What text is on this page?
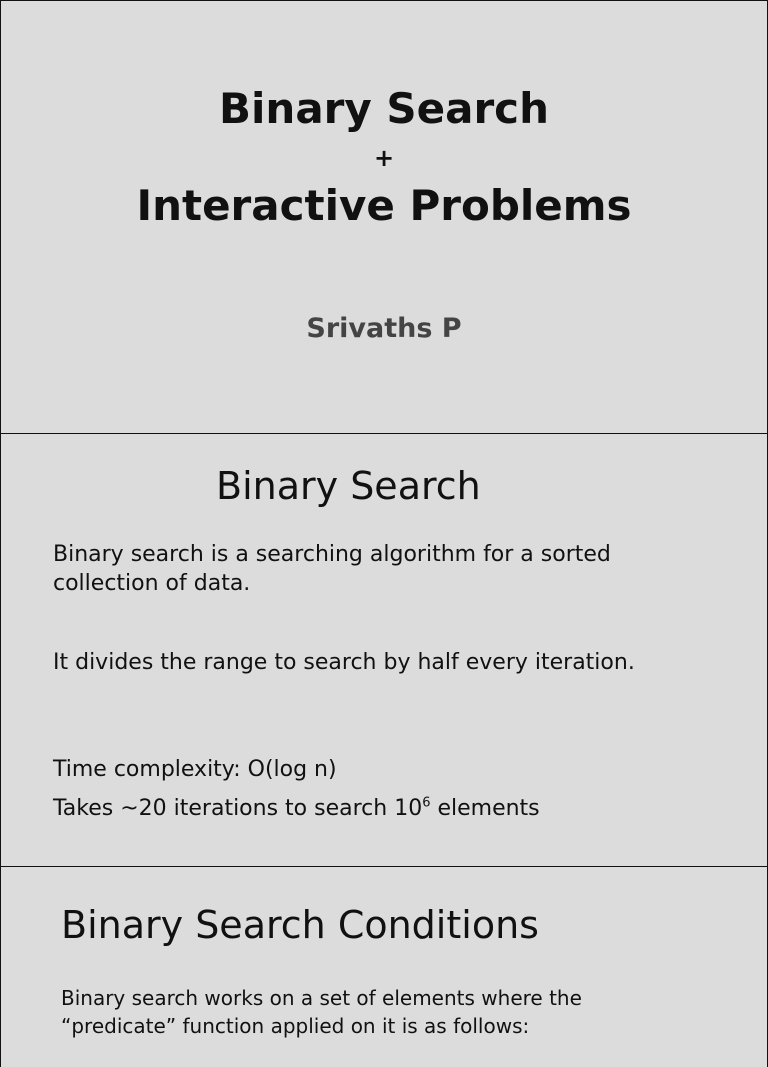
Binary Search
+
Interactive Problems
Srivaths P
Binary Search
Binary search is a searching algorithm for a sorted collection of data.
It divides the range to search by half every iteration.
Time complexity: O(log n)
Takes ~20 iterations to search $10^6$ elements
Binary Search Conditions
Binary search works on a set of elements where the “predicate” function applied on it is as follows:
